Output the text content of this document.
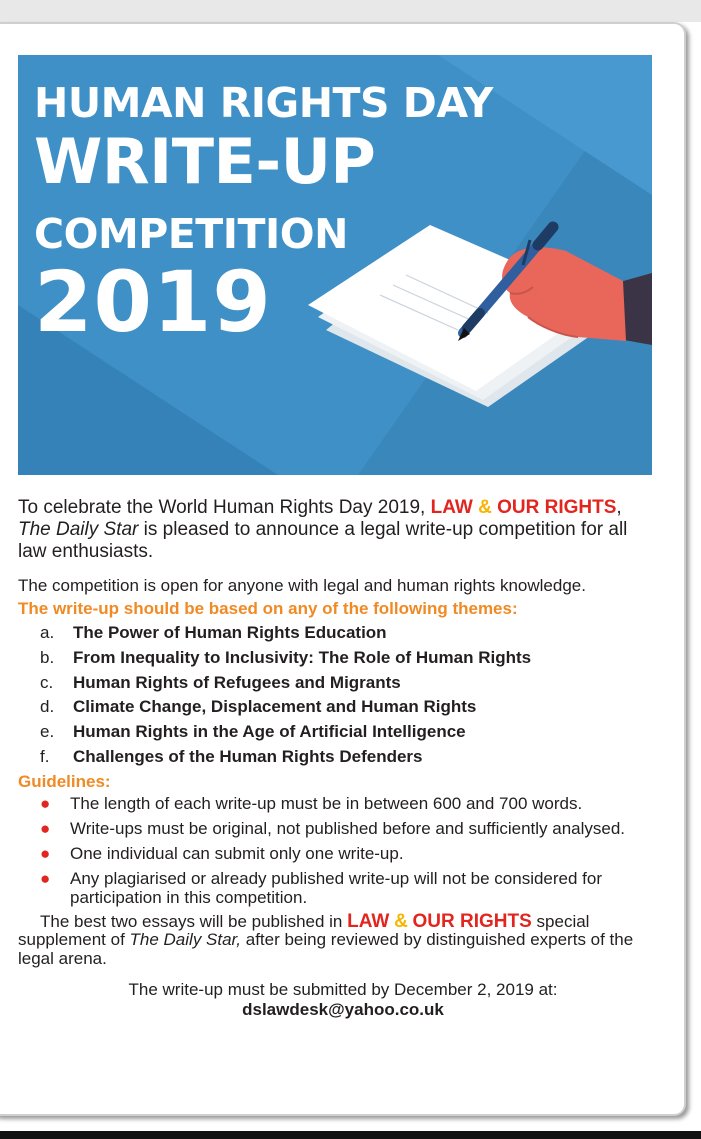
HUMAN RIGHTS DAY
WRITE-UP
COMPETITION
2019

To celebrate the World Human Rights Day 2019, LAW & OUR RIGHTS, The Daily Star is pleased to announce a legal write-up competition for all law enthusiasts.

The competition is open for anyone with legal and human rights knowledge.

The write-up should be based on any of the following themes:
a.	The Power of Human Rights Education
b.	From Inequality to Inclusivity: The Role of Human Rights
c.	Human Rights of Refugees and Migrants
d.	Climate Change, Displacement and Human Rights
e.	Human Rights in the Age of Artificial Intelligence
f.	Challenges of the Human Rights Defenders
Guidelines:
●	The length of each write-up must be in between 600 and 700 words.
●	Write-ups must be original, not published before and sufficiently analysed.
●	One individual can submit only one write-up.
●	Any plagiarised or already published write-up will not be considered for participation in this competition.

The best two essays will be published in LAW & OUR RIGHTS special supplement of The Daily Star, after being reviewed by distinguished experts of the legal arena.

The write-up must be submitted by December 2, 2019 at:
dslawdesk@yahoo.co.uk
